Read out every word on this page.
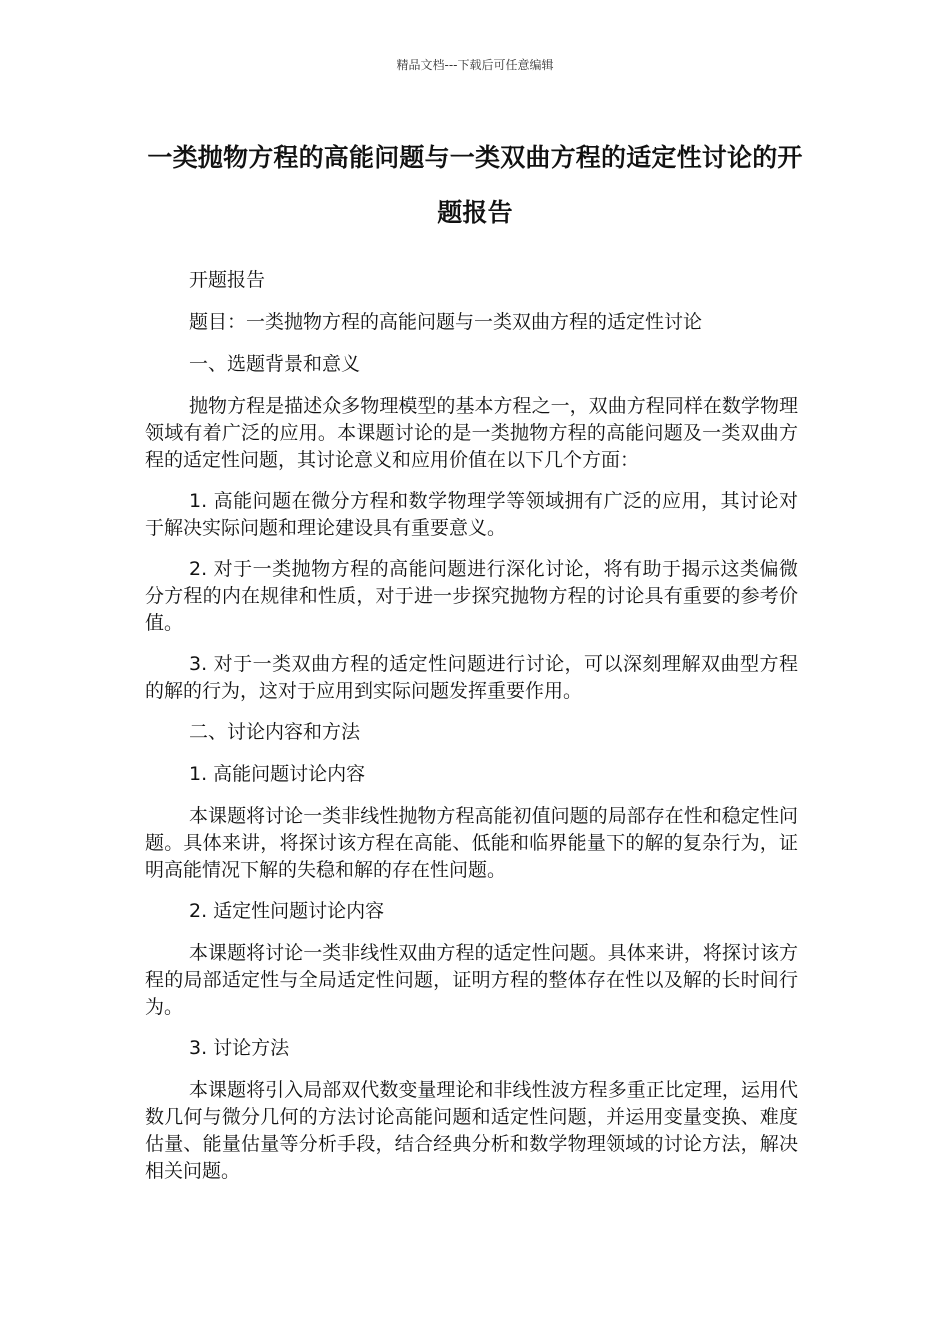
精品文档---下载后可任意编辑
一类抛物方程的高能问题与一类双曲方程的适定性讨论的开题报告

开题报告

题目：一类抛物方程的高能问题与一类双曲方程的适定性讨论

一、选题背景和意义

抛物方程是描述众多物理模型的基本方程之一，双曲方程同样在数学物理领域有着广泛的应用。本课题讨论的是一类抛物方程的高能问题及一类双曲方程的适定性问题，其讨论意义和应用价值在以下几个方面：

1. 高能问题在微分方程和数学物理学等领域拥有广泛的应用，其讨论对于解决实际问题和理论建设具有重要意义。

2. 对于一类抛物方程的高能问题进行深化讨论，将有助于揭示这类偏微分方程的内在规律和性质，对于进一步探究抛物方程的讨论具有重要的参考价值。

3. 对于一类双曲方程的适定性问题进行讨论，可以深刻理解双曲型方程的解的行为，这对于应用到实际问题发挥重要作用。

二、讨论内容和方法

1. 高能问题讨论内容

本课题将讨论一类非线性抛物方程高能初值问题的局部存在性和稳定性问题。具体来讲，将探讨该方程在高能、低能和临界能量下的解的复杂行为，证明高能情况下解的失稳和解的存在性问题。

2. 适定性问题讨论内容

本课题将讨论一类非线性双曲方程的适定性问题。具体来讲，将探讨该方程的局部适定性与全局适定性问题，证明方程的整体存在性以及解的长时间行为。

3. 讨论方法

本课题将引入局部双代数变量理论和非线性波方程多重正比定理，运用代数几何与微分几何的方法讨论高能问题和适定性问题，并运用变量变换、难度估量、能量估量等分析手段，结合经典分析和数学物理领域的讨论方法，解决相关问题。
